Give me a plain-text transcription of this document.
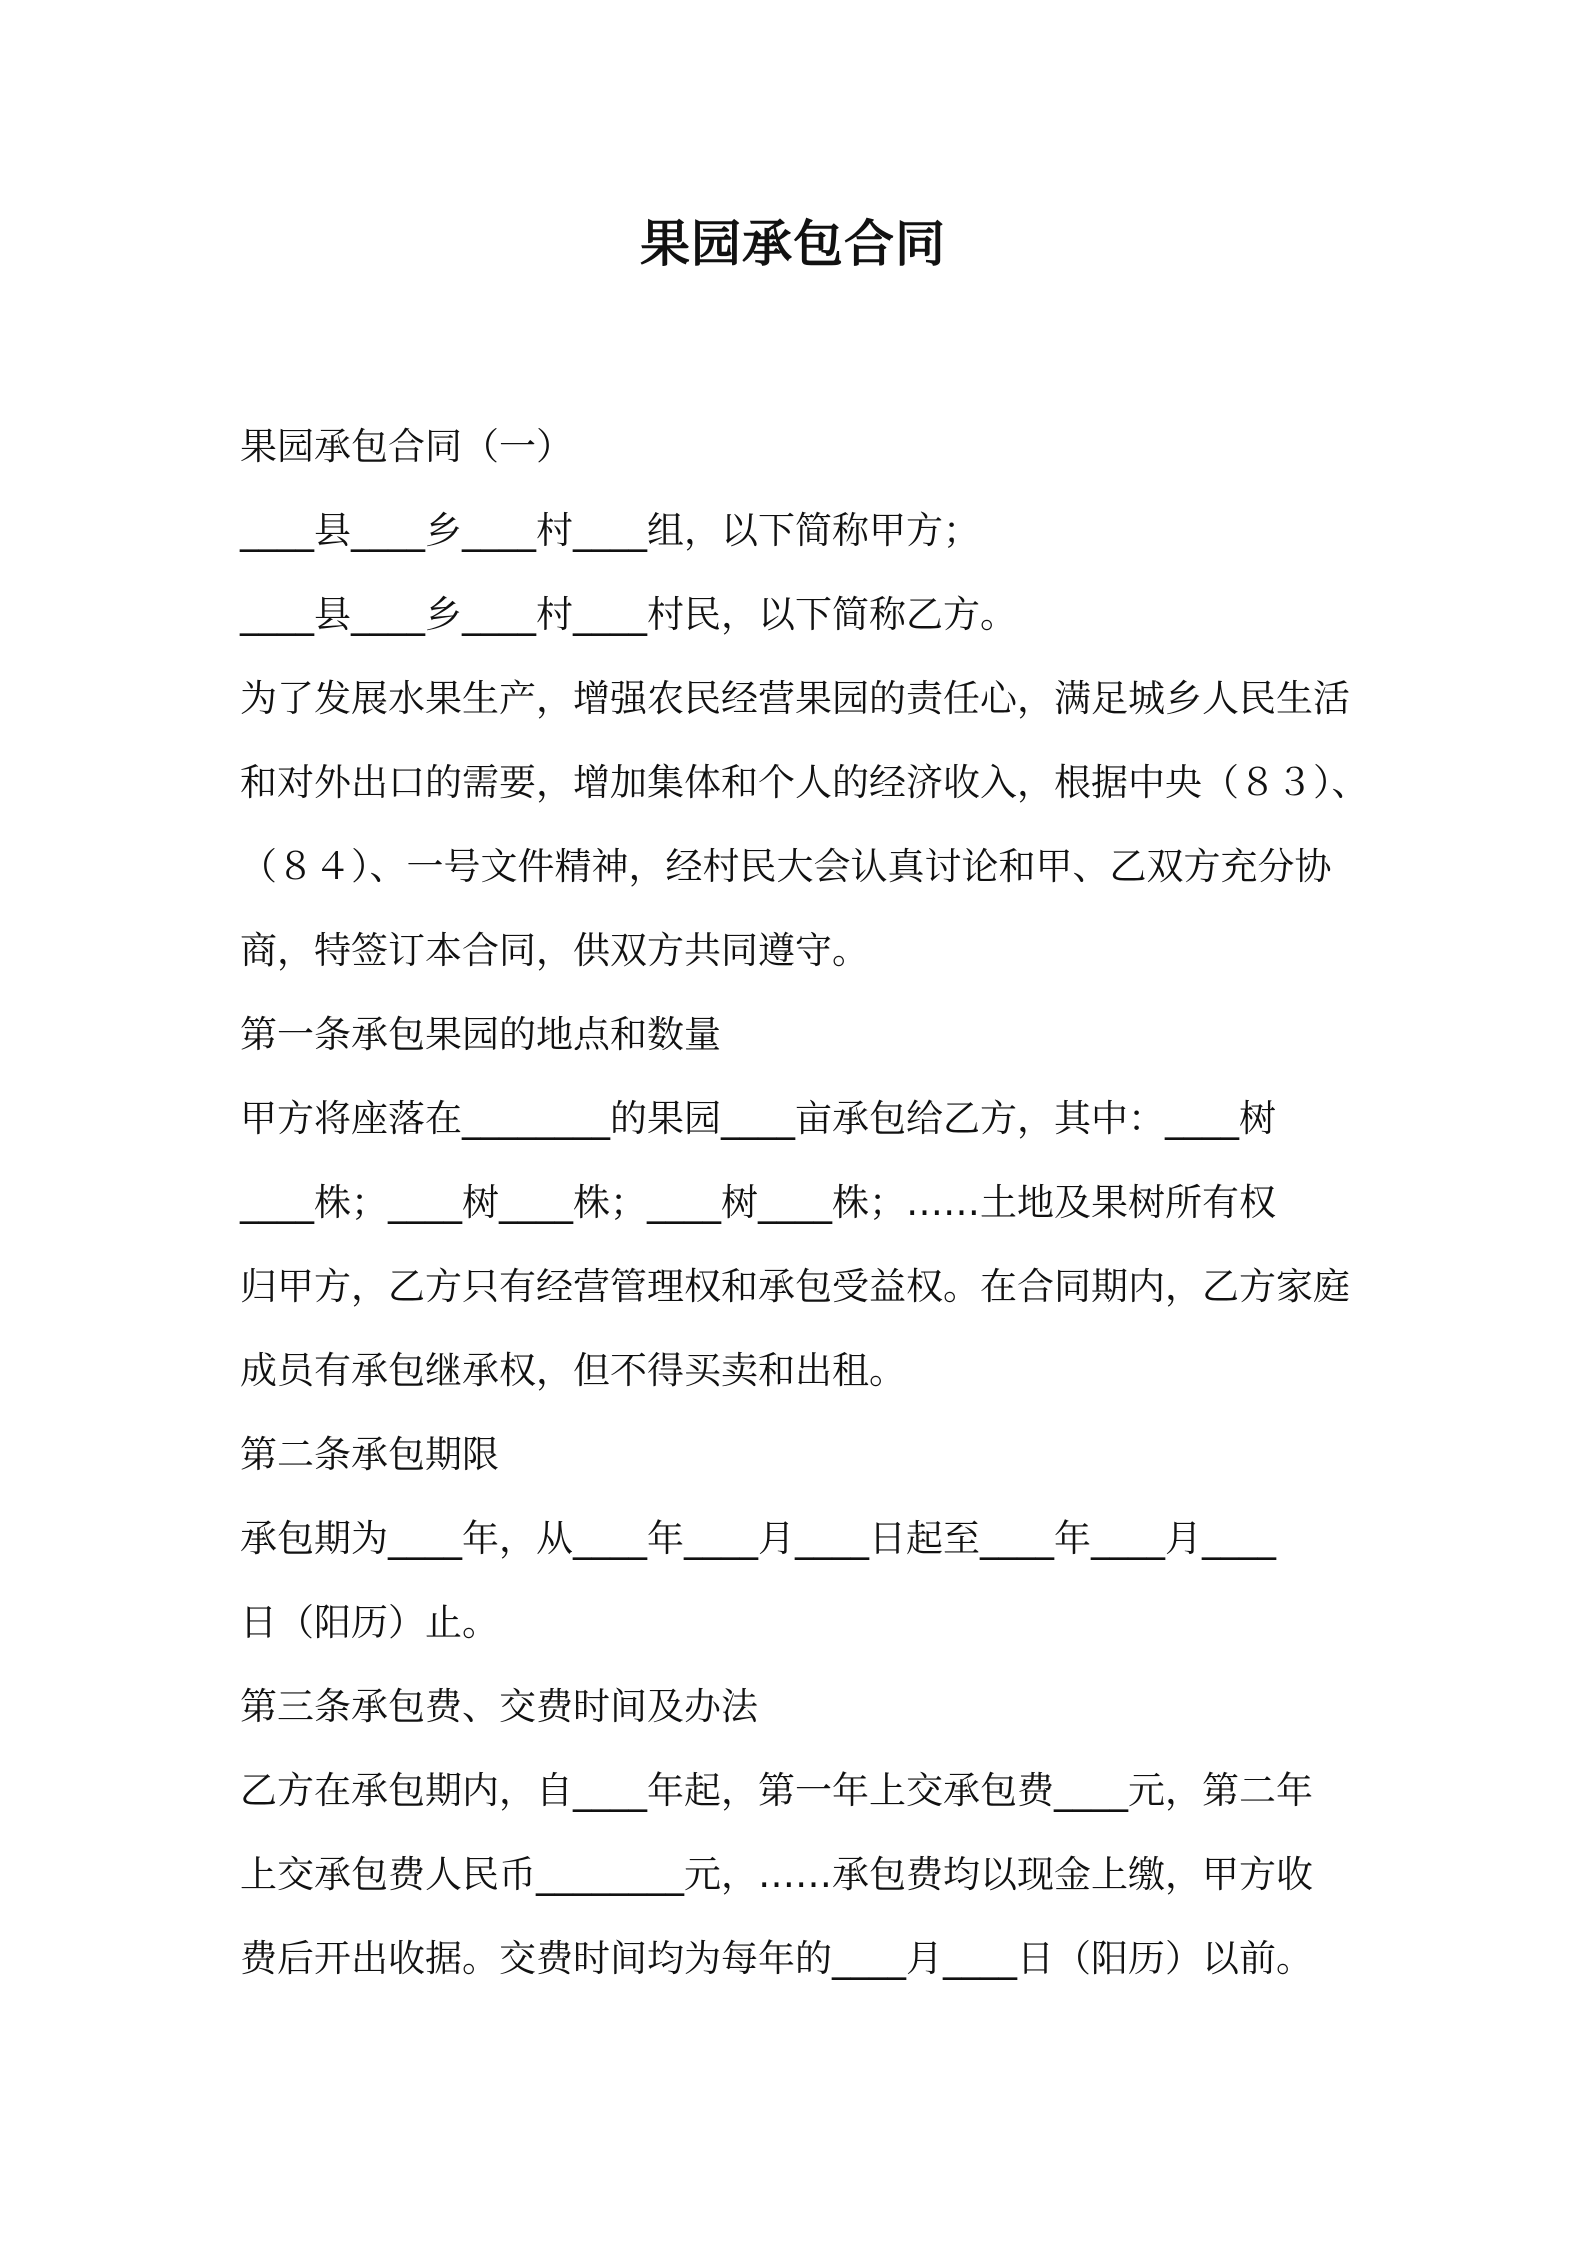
果园承包合同

果园承包合同（一）

____县____乡____村____组，以下简称甲方；

____县____乡____村____村民，以下简称乙方。

为了发展水果生产，增强农民经营果园的责任心，满足城乡人民生活

和对外出口的需要，增加集体和个人的经济收入，根据中央（８３）、

（８４）、一号文件精神，经村民大会认真讨论和甲、乙双方充分协

商，特签订本合同，供双方共同遵守。

第一条承包果园的地点和数量

甲方将座落在________的果园____亩承包给乙方，其中：____树

____株；____树____株；____树____株；……土地及果树所有权

归甲方，乙方只有经营管理权和承包受益权。在合同期内，乙方家庭

成员有承包继承权，但不得买卖和出租。

第二条承包期限

承包期为____年，从____年____月____日起至____年____月____

日（阳历）止。

第三条承包费、交费时间及办法

乙方在承包期内，自____年起，第一年上交承包费____元，第二年

上交承包费人民币________元，……承包费均以现金上缴，甲方收

费后开出收据。交费时间均为每年的____月____日（阳历）以前。
